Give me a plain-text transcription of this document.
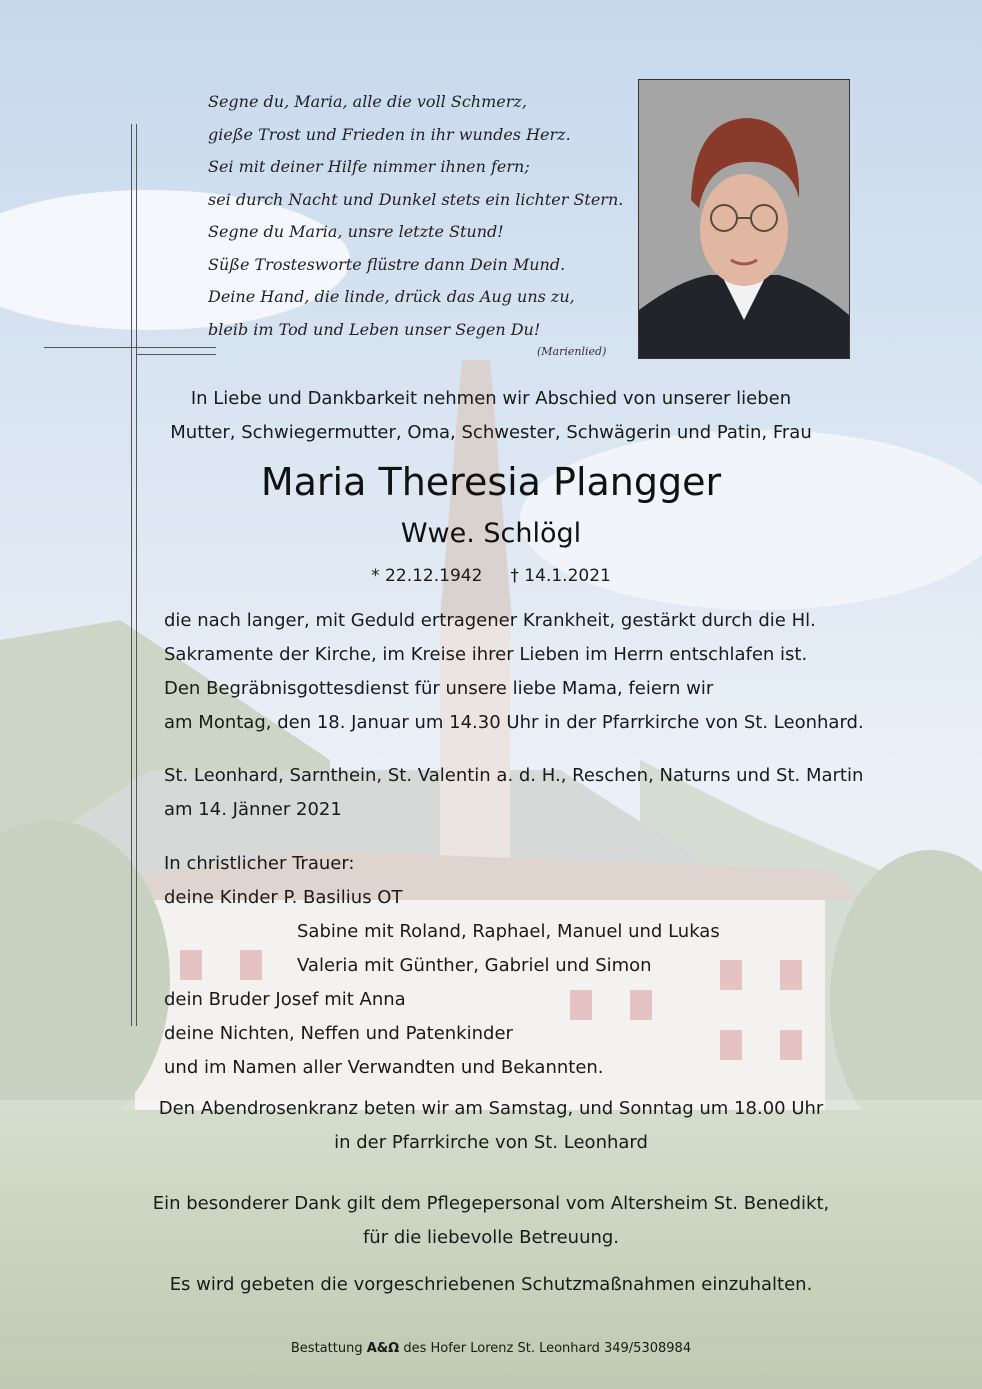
Segne du, Maria, alle die voll Schmerz,
gieße Trost und Frieden in ihr wundes Herz.
Sei mit deiner Hilfe nimmer ihnen fern;
sei durch Nacht und Dunkel stets ein lichter Stern.
Segne du Maria, unsre letzte Stund!
Süße Trostesworte flüstre dann Dein Mund.
Deine Hand, die linde, drück das Aug uns zu,
bleib im Tod und Leben unser Segen Du!
(Marienlied)
In Liebe und Dankbarkeit nehmen wir Abschied von unserer lieben
Mutter, Schwiegermutter, Oma, Schwester, Schwägerin und Patin, Frau
Maria Theresia Plangger
Wwe. Schlögl
* 22.12.1942 † 14.1.2021
die nach langer, mit Geduld ertragener Krankheit, gestärkt durch die Hl.
Sakramente der Kirche, im Kreise ihrer Lieben im Herrn entschlafen ist.
Den Begräbnisgottesdienst für unsere liebe Mama, feiern wir
am Montag, den 18. Januar um 14.30 Uhr in der Pfarrkirche von St. Leonhard.
St. Leonhard, Sarnthein, St. Valentin a. d. H., Reschen, Naturns und St. Martin
am 14. Jänner 2021
In christlicher Trauer:
deine Kinder P. Basilius OT
Sabine mit Roland, Raphael, Manuel und Lukas
Valeria mit Günther, Gabriel und Simon
dein Bruder Josef mit Anna
deine Nichten, Neffen und Patenkinder
und im Namen aller Verwandten und Bekannten.
Den Abendrosenkranz beten wir am Samstag, und Sonntag um 18.00 Uhr
in der Pfarrkirche von St. Leonhard
Ein besonderer Dank gilt dem Pflegepersonal vom Altersheim St. Benedikt,
für die liebevolle Betreuung.
Es wird gebeten die vorgeschriebenen Schutzmaßnahmen einzuhalten.
Bestattung A&Ω des Hofer Lorenz St. Leonhard 349/5308984
